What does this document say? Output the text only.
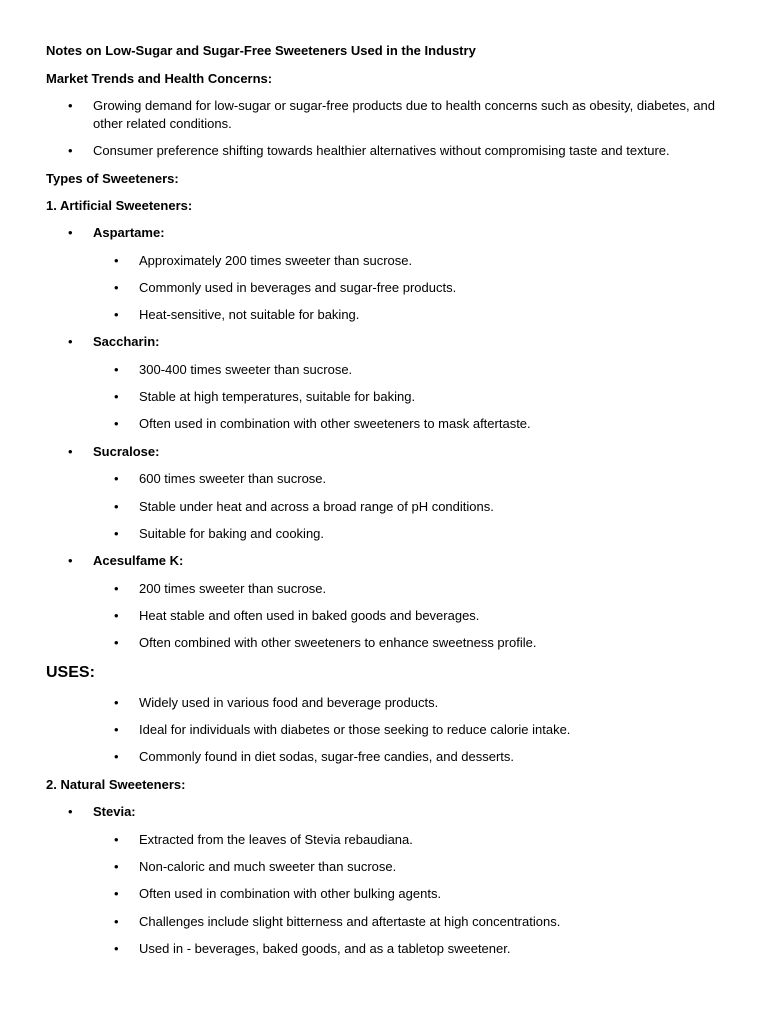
Notes on Low-Sugar and Sugar-Free Sweeteners Used in the Industry
Market Trends and Health Concerns:
• Growing demand for low-sugar or sugar-free products due to health concerns such as obesity, diabetes, and other related conditions.
• Consumer preference shifting towards healthier alternatives without compromising taste and texture.
Types of Sweeteners:
1. Artificial Sweeteners:
• Aspartame:
• Approximately 200 times sweeter than sucrose.
• Commonly used in beverages and sugar-free products.
• Heat-sensitive, not suitable for baking.
• Saccharin:
• 300-400 times sweeter than sucrose.
• Stable at high temperatures, suitable for baking.
• Often used in combination with other sweeteners to mask aftertaste.
• Sucralose:
• 600 times sweeter than sucrose.
• Stable under heat and across a broad range of pH conditions.
• Suitable for baking and cooking.
• Acesulfame K:
• 200 times sweeter than sucrose.
• Heat stable and often used in baked goods and beverages.
• Often combined with other sweeteners to enhance sweetness profile.
USES:
• Widely used in various food and beverage products.
• Ideal for individuals with diabetes or those seeking to reduce calorie intake.
• Commonly found in diet sodas, sugar-free candies, and desserts.
2. Natural Sweeteners:
• Stevia:
• Extracted from the leaves of Stevia rebaudiana.
• Non-caloric and much sweeter than sucrose.
• Often used in combination with other bulking agents.
• Challenges include slight bitterness and aftertaste at high concentrations.
• Used in - beverages, baked goods, and as a tabletop sweetener.
